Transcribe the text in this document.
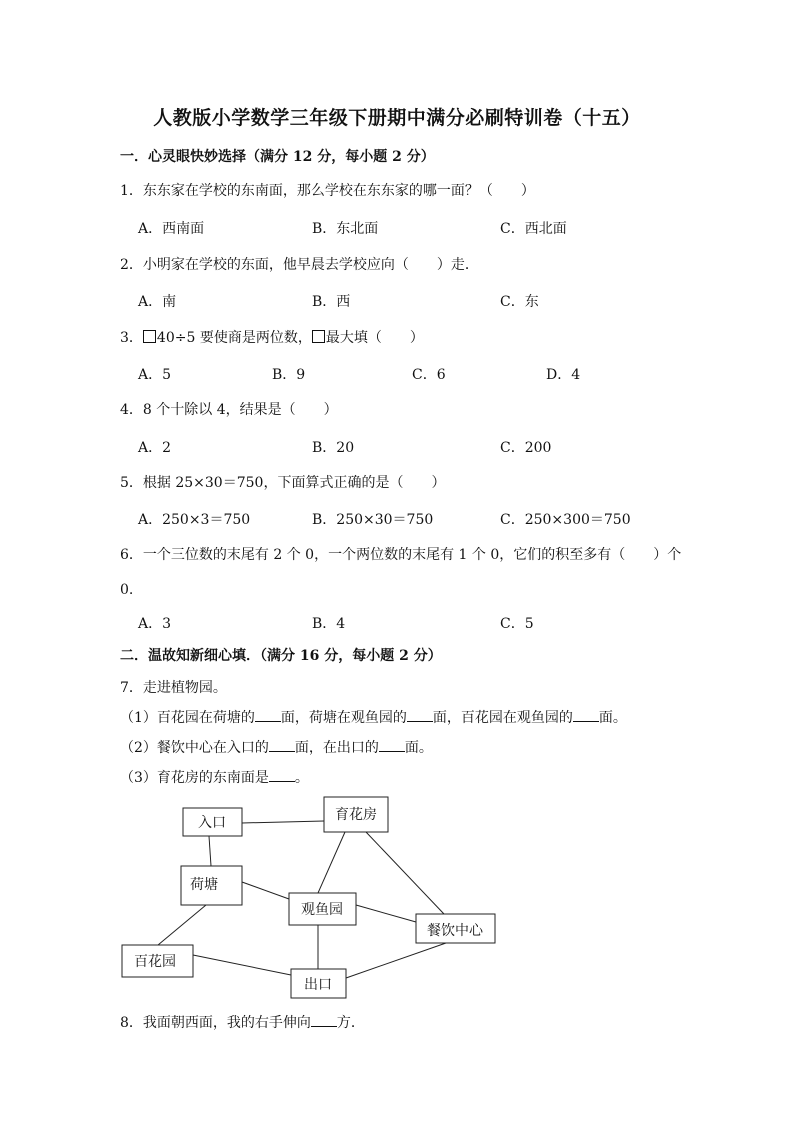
人教版小学数学三年级下册期中满分必刷特训卷（十五）
一．心灵眼快妙选择（满分 12 分，每小题 2 分）
1．东东家在学校的东南面，那么学校在东东家的哪一面？（　　）
A．西南面	B．东北面	C．西北面
2．小明家在学校的东面，他早晨去学校应向（　　）走．
A．南	B．西	C．东
3． 40÷5 要使商是两位数， 最大填（　　）
A．5	B．9	C．6	D．4
4．8 个十除以 4，结果是（　　）
A．2	B．20	C．200
5．根据 25×30＝750，下面算式正确的是（　　）
A．250×3＝750	B．250×30＝750	C．250×300＝750
6．一个三位数的末尾有 2 个 0，一个两位数的末尾有 1 个 0，它们的积至多有（　　）个
0.
A．3	B．4	C．5
二．温故知新细心填．（满分 16 分，每小题 2 分）
7．走进植物园。
（1）百花园在荷塘的 面，荷塘在观鱼园的 面，百花园在观鱼园的 面。
（2）餐饮中心在入口的 面，在出口的 面。
（3）育花房的东南面是 。
入口	育花房
荷塘
观鱼园
餐饮中心
百花园
出口
8．我面朝西面，我的右手伸向 方．
